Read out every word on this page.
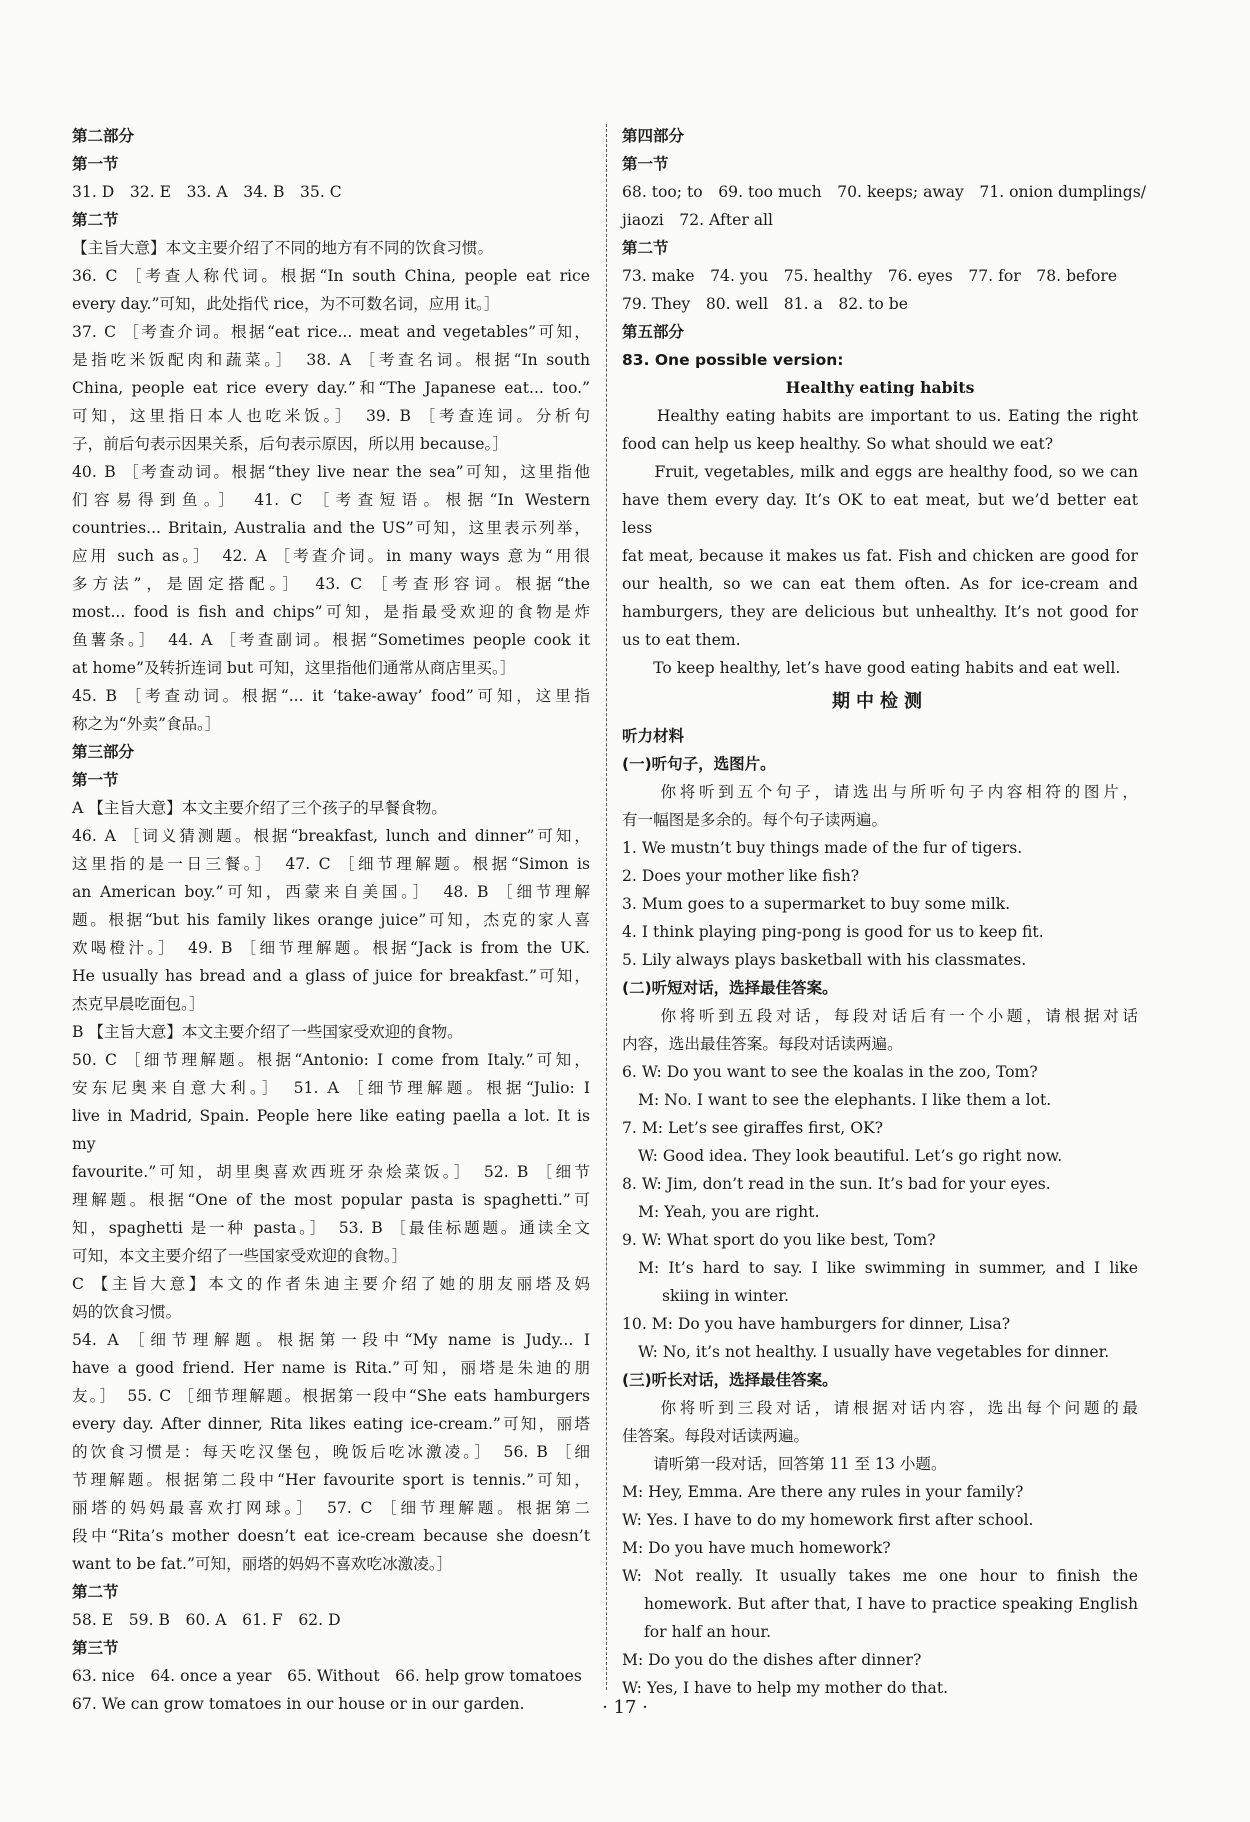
第二部分
第一节
31. D　32. E　33. A　34. B　35. C
第二节
【主旨大意】本文主要介绍了不同的地方有不同的饮食习惯。
36. C ［考查人称代词。根据“In south China, people eat rice
every day.”可知，此处指代 rice，为不可数名词，应用 it。］
37. C ［考查介词。根据“eat rice... meat and vegetables”可知，
是指吃米饭配肉和蔬菜。］　38. A ［考查名词。根据“In south
China, people eat rice every day.”和“The Japanese eat... too.”
可知，这里指日本人也吃米饭。］　39. B ［考查连词。分析句
子，前后句表示因果关系，后句表示原因，所以用 because。］
40. B ［考查动词。根据“they live near the sea”可知，这里指他
们容易得到鱼。］　41. C ［考查短语。根据“In Western
countries... Britain, Australia and the US”可知，这里表示列举，
应用 such as。］　42. A ［考查介词。in many ways 意为“用很
多方法”，是固定搭配。］　43. C ［考查形容词。根据“the
most... food is fish and chips”可知，是指最受欢迎的食物是炸
鱼薯条。］　44. A ［考查副词。根据“Sometimes people cook it
at home”及转折连词 but 可知，这里指他们通常从商店里买。］
45. B ［考查动词。根据“... it ‘take-away’ food”可知，这里指
称之为“外卖”食品。］
第三部分
第一节
A 【主旨大意】本文主要介绍了三个孩子的早餐食物。
46. A ［词义猜测题。根据“breakfast, lunch and dinner”可知，
这里指的是一日三餐。］　47. C ［细节理解题。根据“Simon is
an American boy.”可知，西蒙来自美国。］　48. B ［细节理解
题。根据“but his family likes orange juice”可知，杰克的家人喜
欢喝橙汁。］　49. B ［细节理解题。根据“Jack is from the UK.
He usually has bread and a glass of juice for breakfast.”可知，
杰克早晨吃面包。］
B 【主旨大意】本文主要介绍了一些国家受欢迎的食物。
50. C ［细节理解题。根据“Antonio: I come from Italy.”可知，
安东尼奥来自意大利。］　51. A ［细节理解题。根据“Julio: I
live in Madrid, Spain. People here like eating paella a lot. It is my
favourite.”可知，胡里奥喜欢西班牙杂烩菜饭。］　52. B ［细节
理解题。根据“One of the most popular pasta is spaghetti.”可
知，spaghetti 是一种 pasta。］　53. B ［最佳标题题。通读全文
可知，本文主要介绍了一些国家受欢迎的食物。］
C 【主旨大意】本文的作者朱迪主要介绍了她的朋友丽塔及妈
妈的饮食习惯。
54. A ［细节理解题。根据第一段中“My name is Judy... I
have a good friend. Her name is Rita.”可知，丽塔是朱迪的朋
友。］　55. C ［细节理解题。根据第一段中“She eats hamburgers
every day. After dinner, Rita likes eating ice-cream.”可知，丽塔
的饮食习惯是：每天吃汉堡包，晚饭后吃冰激凌。］　56. B ［细
节理解题。根据第二段中“Her favourite sport is tennis.”可知，
丽塔的妈妈最喜欢打网球。］　57. C ［细节理解题。根据第二
段中“Rita’s mother doesn’t eat ice-cream because she doesn’t
want to be fat.”可知，丽塔的妈妈不喜欢吃冰激凌。］
第二节
58. E　59. B　60. A　61. F　62. D
第三节
63. nice　64. once a year　65. Without　66. help grow tomatoes
67. We can grow tomatoes in our house or in our garden.
第四部分
第一节
68. too; to　69. too much　70. keeps; away　71. onion dumplings/
jiaozi　72. After all
第二节
73. make　74. you　75. healthy　76. eyes　77. for　78. before
79. They　80. well　81. a　82. to be
第五部分
83. One possible version:
Healthy eating habits
　　Healthy eating habits are important to us. Eating the right
food can help us keep healthy. So what should we eat?
　　Fruit, vegetables, milk and eggs are healthy food, so we can
have them every day. It’s OK to eat meat, but we’d better eat less
fat meat, because it makes us fat. Fish and chicken are good for
our health, so we can eat them often. As for ice-cream and
hamburgers, they are delicious but unhealthy. It’s not good for
us to eat them.
　　To keep healthy, let’s have good eating habits and eat well.
期中检测
听力材料
(一)听句子，选图片。
　　你将听到五个句子，请选出与所听句子内容相符的图片，
有一幅图是多余的。每个句子读两遍。
1. We mustn’t buy things made of the fur of tigers.
2. Does your mother like fish?
3. Mum goes to a supermarket to buy some milk.
4. I think playing ping-pong is good for us to keep fit.
5. Lily always plays basketball with his classmates.
(二)听短对话，选择最佳答案。
　　你将听到五段对话，每段对话后有一个小题，请根据对话
内容，选出最佳答案。每段对话读两遍。
6. W: Do you want to see the koalas in the zoo, Tom?
M: No. I want to see the elephants. I like them a lot.
7. M: Let’s see giraffes first, OK?
W: Good idea. They look beautiful. Let’s go right now.
8. W: Jim, don’t read in the sun. It’s bad for your eyes.
M: Yeah, you are right.
9. W: What sport do you like best, Tom?
M: It’s hard to say. I like swimming in summer, and I like
skiing in winter.
10. M: Do you have hamburgers for dinner, Lisa?
W: No, it’s not healthy. I usually have vegetables for dinner.
(三)听长对话，选择最佳答案。
　　你将听到三段对话，请根据对话内容，选出每个问题的最
佳答案。每段对话读两遍。
　　请听第一段对话，回答第 11 至 13 小题。
M: Hey, Emma. Are there any rules in your family?
W: Yes. I have to do my homework first after school.
M: Do you have much homework?
W: Not really. It usually takes me one hour to finish the
homework. But after that, I have to practice speaking English
for half an hour.
M: Do you do the dishes after dinner?
W: Yes, I have to help my mother do that.
· 17 ·
